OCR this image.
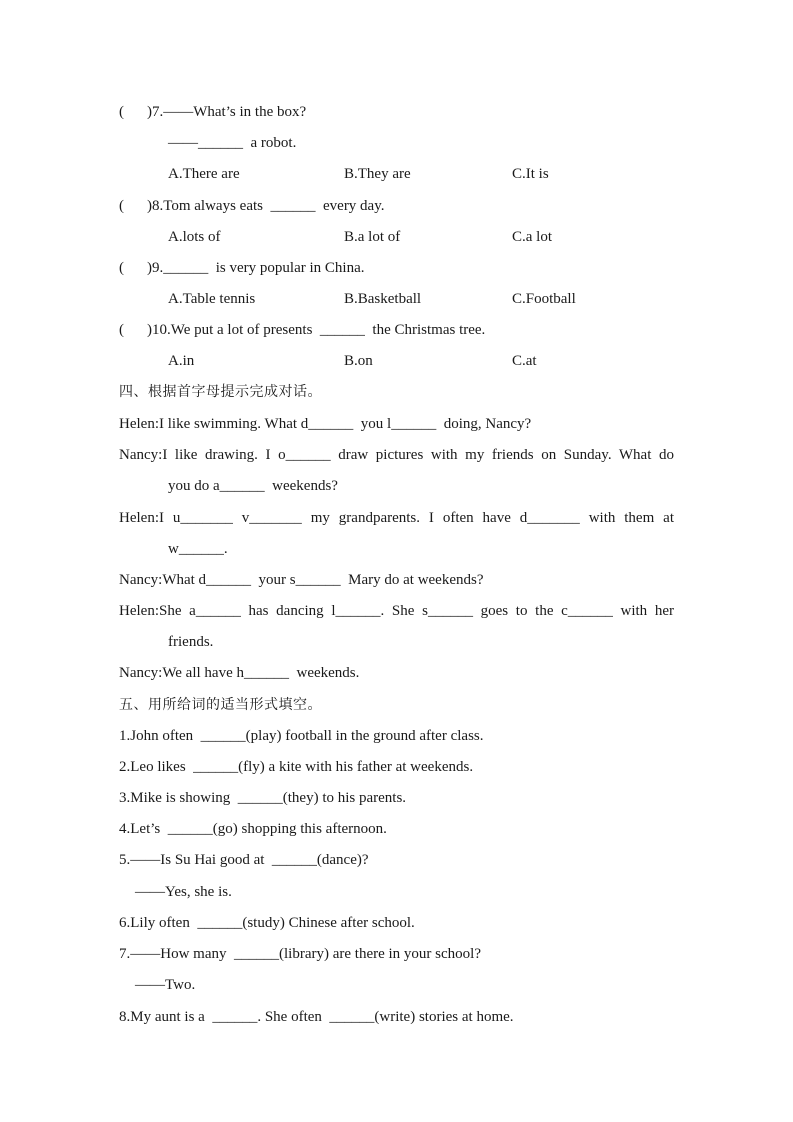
( )7.——What’s in the box?
——______  a robot.
A.There are	B.They are	C.It is
( )8.Tom always eats  ______  every day.
A.lots of	B.a lot of	C.a lot
( )9.______  is very popular in China.
A.Table tennis	B.Basketball	C.Football
( )10.We put a lot of presents  ______  the Christmas tree.
A.in	B.on	C.at
四、根据首字母提示完成对话。
Helen:I like swimming. What d______  you l______  doing, Nancy?
Nancy:I like drawing. I o______ draw pictures with my friends on Sunday. What do
you do a______  weekends?
Helen:I u_______ v_______ my grandparents. I often have d_______ with them at
w______.
Nancy:What d______  your s______  Mary do at weekends?
Helen:She a______ has dancing l______. She s______ goes to the c______ with her
friends.
Nancy:We all have h______  weekends.
五、用所给词的适当形式填空。
1.John often  ______(play) football in the ground after class.
2.Leo likes  ______(fly) a kite with his father at weekends.
3.Mike is showing  ______(they) to his parents.
4.Let’s  ______(go) shopping this afternoon.
5.——Is Su Hai good at  ______(dance)?
——Yes, she is.
6.Lily often  ______(study) Chinese after school.
7.——How many  ______(library) are there in your school?
——Two.
8.My aunt is a  ______. She often  ______(write) stories at home.
